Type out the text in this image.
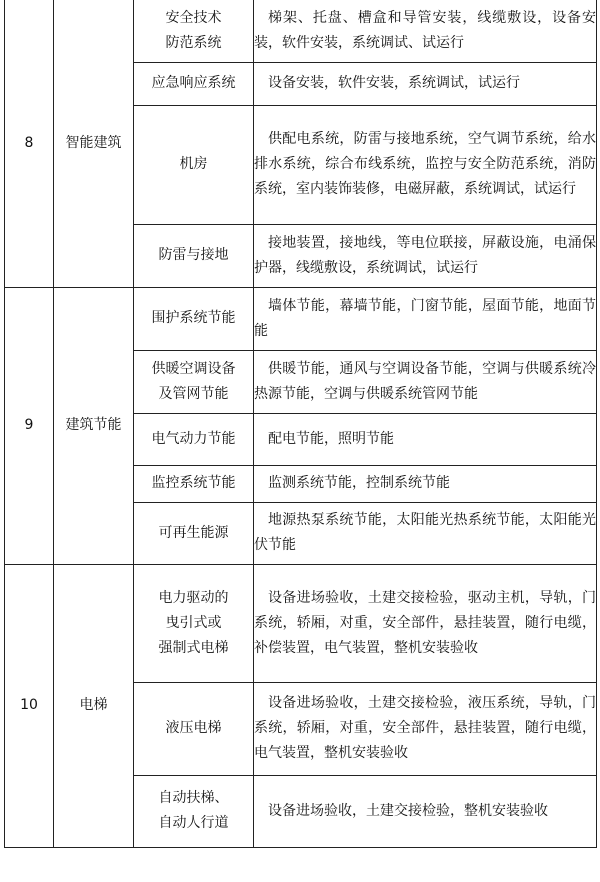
8	智能建筑	安全技术
防范系统	梯架、托盘、槽盒和导管安装，线缆敷设，设备安装，软件安装，系统调试、试运行

		应急响应系统	设备安装，软件安装，系统调试，试运行

		机房	供配电系统，防雷与接地系统，空气调节系统，给水排水系统，综合布线系统，监控与安全防范系统，消防系统，室内装饰装修，电磁屏蔽，系统调试，试运行

		防雷与接地	接地装置，接地线，等电位联接，屏蔽设施，电涌保护器，线缆敷设，系统调试，试运行

9	建筑节能	围护系统节能	墙体节能，幕墙节能，门窗节能，屋面节能，地面节能

		供暖空调设备
及管网节能	供暖节能，通风与空调设备节能，空调与供暖系统冷热源节能，空调与供暖系统管网节能

		电气动力节能	配电节能，照明节能

		监控系统节能	监测系统节能，控制系统节能

		可再生能源	地源热泵系统节能，太阳能光热系统节能，太阳能光伏节能

10	电梯	电力驱动的
曳引式或
强制式电梯	设备进场验收，土建交接检验，驱动主机，导轨，门系统，轿厢，对重，安全部件，悬挂装置，随行电缆，补偿装置，电气装置，整机安装验收

		液压电梯	设备进场验收，土建交接检验，液压系统，导轨，门系统，轿厢，对重，安全部件，悬挂装置，随行电缆，电气装置，整机安装验收

		自动扶梯、
自动人行道	设备进场验收，土建交接检验，整机安装验收
